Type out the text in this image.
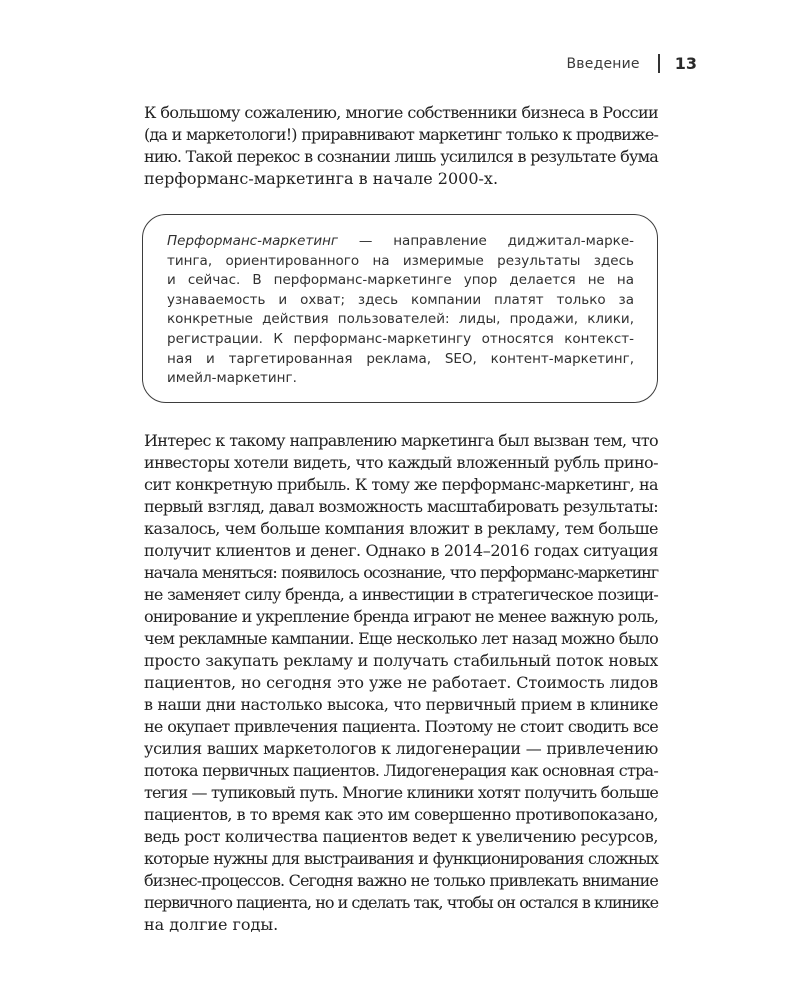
Введение 13
К большому сожалению, многие собственники бизнеса в России
(да и маркетологи!) приравнивают маркетинг только к продвиже-
нию. Такой перекос в сознании лишь усилился в результате бума
перформанс-маркетинга в начале 2000-х.
Перформанс-маркетинг — направление диджитал-марке-
тинга, ориентированного на измеримые результаты здесь
и сейчас. В перформанс-маркетинге упор делается не на
узнаваемость и охват; здесь компании платят только за
конкретные действия пользователей: лиды, продажи, клики,
регистрации. К перформанс-маркетингу относятся контекст-
ная и таргетированная реклама, SEO, контент-маркетинг,
имейл-маркетинг.
Интерес к такому направлению маркетинга был вызван тем, что
инвесторы хотели видеть, что каждый вложенный рубль прино-
сит конкретную прибыль. К тому же перформанс-маркетинг, на
первый взгляд, давал возможность масштабировать результаты:
казалось, чем больше компания вложит в рекламу, тем больше
получит клиентов и денег. Однако в 2014–2016 годах ситуация
начала меняться: появилось осознание, что перформанс-маркетинг
не заменяет силу бренда, а инвестиции в стратегическое позици-
онирование и укрепление бренда играют не менее важную роль,
чем рекламные кампании. Еще несколько лет назад можно было
просто закупать рекламу и получать стабильный поток новых
пациентов, но сегодня это уже не работает. Стоимость лидов
в наши дни настолько высока, что первичный прием в клинике
не окупает привлечения пациента. Поэтому не стоит сводить все
усилия ваших маркетологов к лидогенерации — привлечению
потока первичных пациентов. Лидогенерация как основная стра-
тегия — тупиковый путь. Многие клиники хотят получить больше
пациентов, в то время как это им совершенно противопоказано,
ведь рост количества пациентов ведет к увеличению ресурсов,
которые нужны для выстраивания и функционирования сложных
бизнес-процессов. Сегодня важно не только привлекать внимание
первичного пациента, но и сделать так, чтобы он остался в клинике
на долгие годы.
